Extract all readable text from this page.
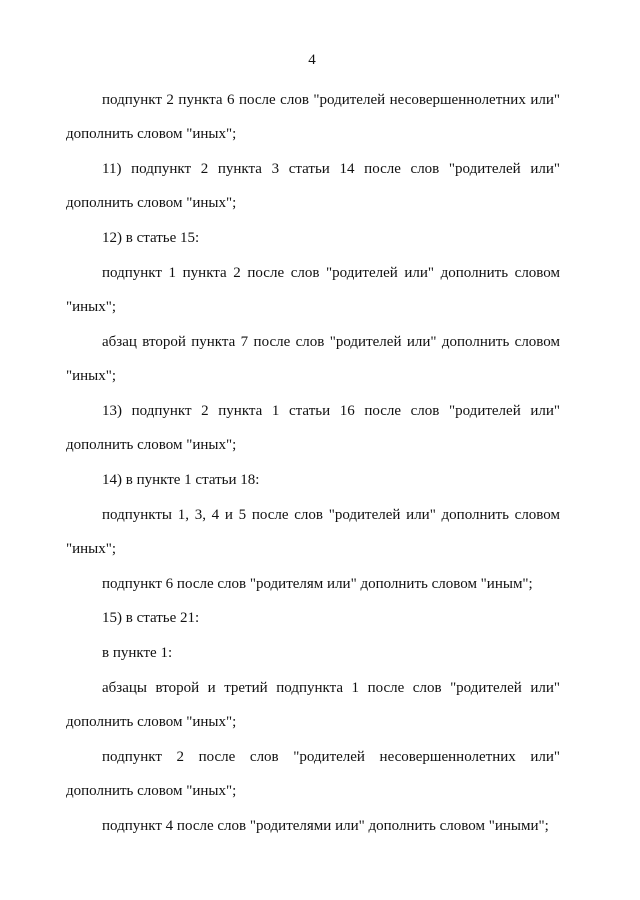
4
подпункт 2 пункта 6 после слов "родителей несовершеннолетних или"
дополнить словом "иных";
11) подпункт 2 пункта 3 статьи 14 после слов "родителей или"
дополнить словом "иных";
12) в статье 15:
подпункт 1 пункта 2 после слов "родителей или" дополнить словом
"иных";
абзац второй пункта 7 после слов "родителей или" дополнить словом
"иных";
13) подпункт 2 пункта 1 статьи 16 после слов "родителей или"
дополнить словом "иных";
14) в пункте 1 статьи 18:
подпункты 1, 3, 4 и 5 после слов "родителей или" дополнить словом
"иных";
подпункт 6 после слов "родителям или" дополнить словом "иным";
15) в статье 21:
в пункте 1:
абзацы второй и третий подпункта 1 после слов "родителей или"
дополнить словом "иных";
подпункт 2 после слов "родителей несовершеннолетних или"
дополнить словом "иных";
подпункт 4 после слов "родителями или" дополнить словом "иными";
